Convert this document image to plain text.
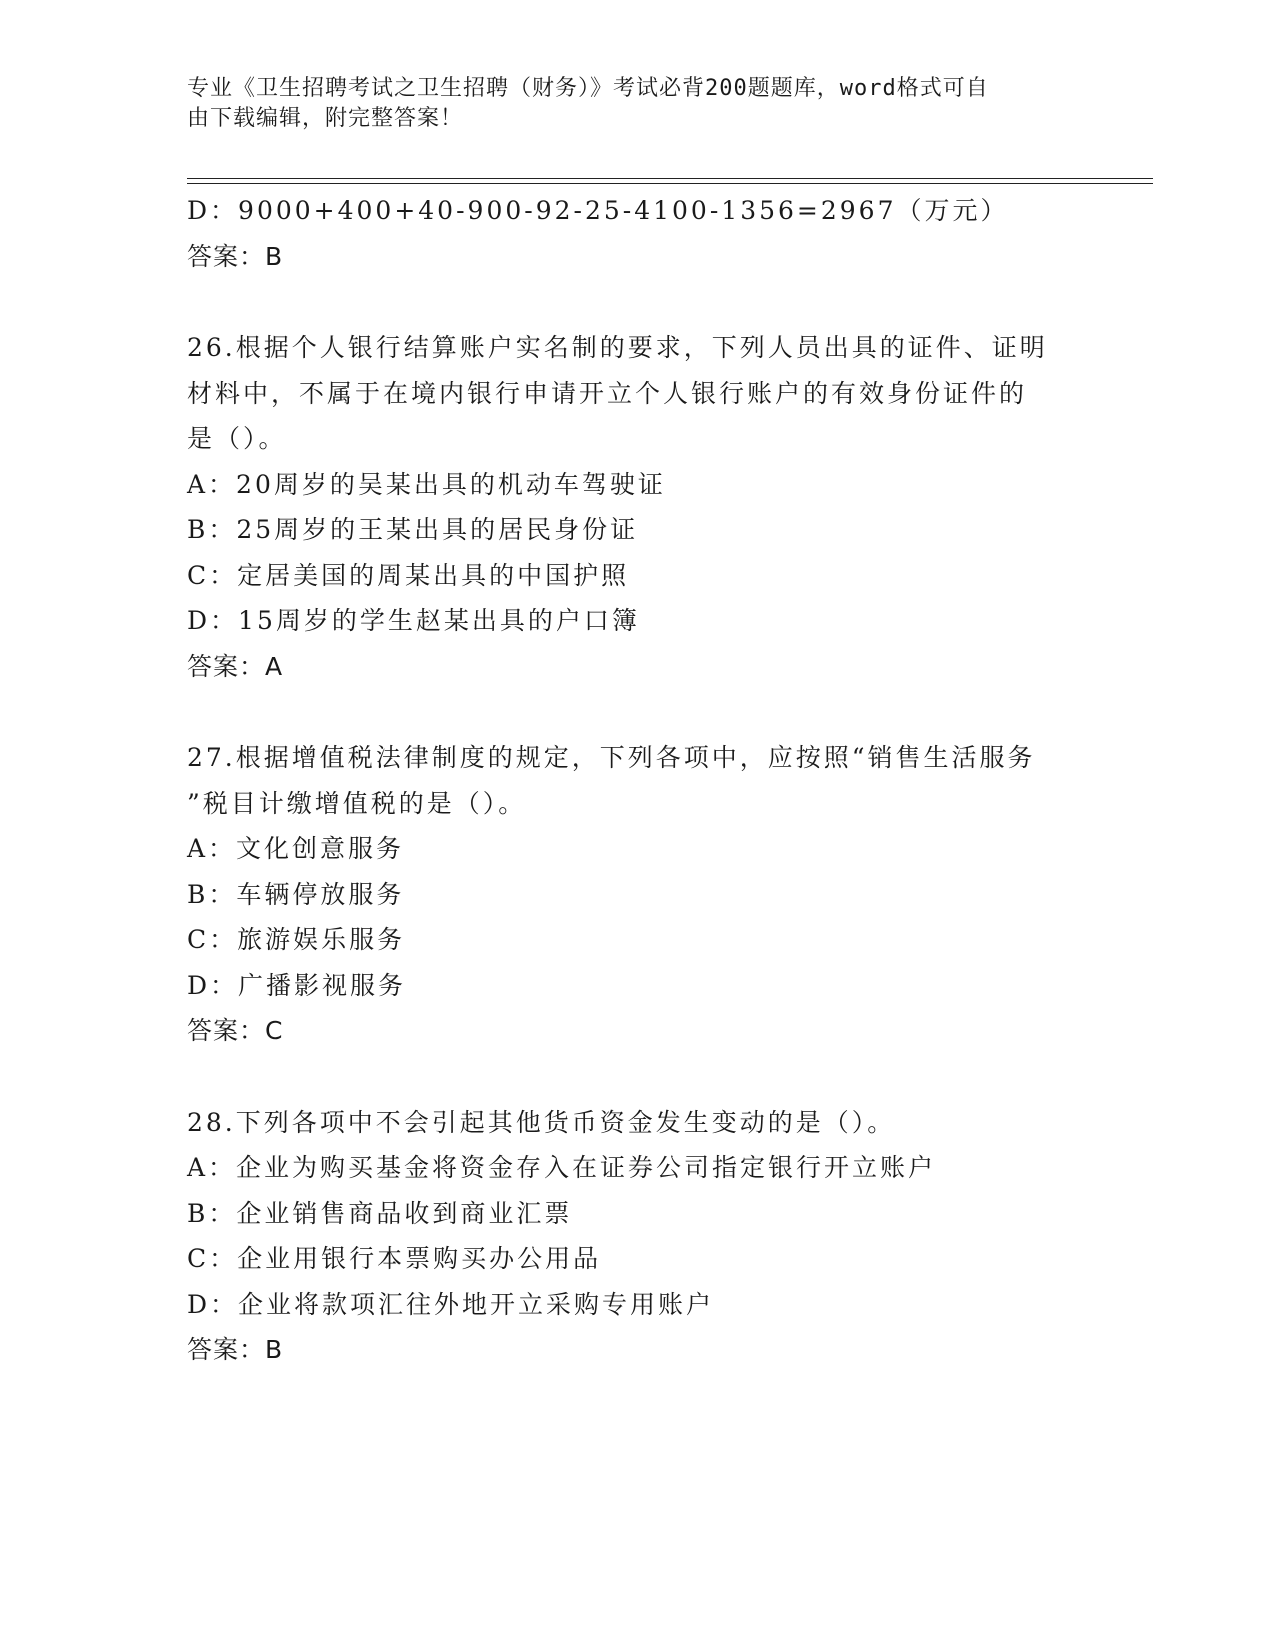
专业《卫生招聘考试之卫生招聘（财务）》考试必背200题题库，word格式可自
由下载编辑，附完整答案！
D：9000+400+40-900-92-25-4100-1356=2967（万元）
答案：B
26.根据个人银行结算账户实名制的要求，下列人员出具的证件、证明
材料中，不属于在境内银行申请开立个人银行账户的有效身份证件的
是（）。
A：20周岁的吴某出具的机动车驾驶证
B：25周岁的王某出具的居民身份证
C：定居美国的周某出具的中国护照
D：15周岁的学生赵某出具的户口簿
答案：A
27.根据增值税法律制度的规定，下列各项中，应按照“销售生活服务
”税目计缴增值税的是（）。
A：文化创意服务
B：车辆停放服务
C：旅游娱乐服务
D：广播影视服务
答案：C
28.下列各项中不会引起其他货币资金发生变动的是（）。
A：企业为购买基金将资金存入在证券公司指定银行开立账户
B：企业销售商品收到商业汇票
C：企业用银行本票购买办公用品
D：企业将款项汇往外地开立采购专用账户
答案：B
